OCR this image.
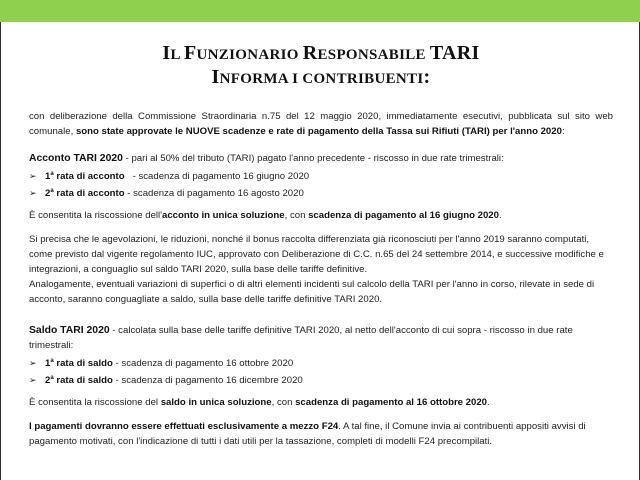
IL FUNZIONARIO RESPONSABILE TARI
INFORMA I CONTRIBUENTI:

con deliberazione della Commissione Straordinaria n.75 del 12 maggio 2020, immediatamente esecutivi, pubblicata sul sito web comunale, sono state approvate le NUOVE scadenze e rate di pagamento della Tassa sui Rifiuti (TARI) per l'anno 2020:

Acconto TARI 2020 - pari al 50% del tributo (TARI) pagato l'anno precedente - riscosso in due rate trimestrali:

➢ 1$^a$ rata di acconto   - scadenza di pagamento 16 giugno 2020
➢ 2$^a$ rata di acconto - scadenza di pagamento 16 agosto 2020

È consentita la riscossione dell'acconto in unica soluzione, con scadenza di pagamento al 16 giugno 2020.

Si precisa che le agevolazioni, le riduzioni, nonché il bonus raccolta differenziata già riconosciuti per l'anno 2019 saranno computati, come previsto dal vigente regolamento IUC, approvato con Deliberazione di C.C. n.65 del 24 settembre 2014, e successive modifiche e integrazioni, a conguaglio sul saldo TARI 2020, sulla base delle tariffe definitive.

Analogamente, eventuali variazioni di superfici o di altri elementi incidenti sul calcolo della TARI per l'anno in corso, rilevate in sede di acconto, saranno conguagliate a saldo, sulla base delle tariffe definitive TARI 2020.

Saldo TARI 2020 - calcolata sulla base delle tariffe definitive TARI 2020, al netto dell'acconto di cui sopra - riscosso in due rate trimestrali:

➢ 1$^a$ rata di saldo - scadenza di pagamento 16 ottobre 2020
➢ 2$^a$ rata di saldo - scadenza di pagamento 16 dicembre 2020

È consentita la riscossione del saldo in unica soluzione, con scadenza di pagamento al 16 ottobre 2020.

I pagamenti dovranno essere effettuati esclusivamente a mezzo F24. A tal fine, il Comune invia ai contribuenti appositi avvisi di pagamento motivati, con l'indicazione di tutti i dati utili per la tassazione, completi di modelli F24 precompilati.
